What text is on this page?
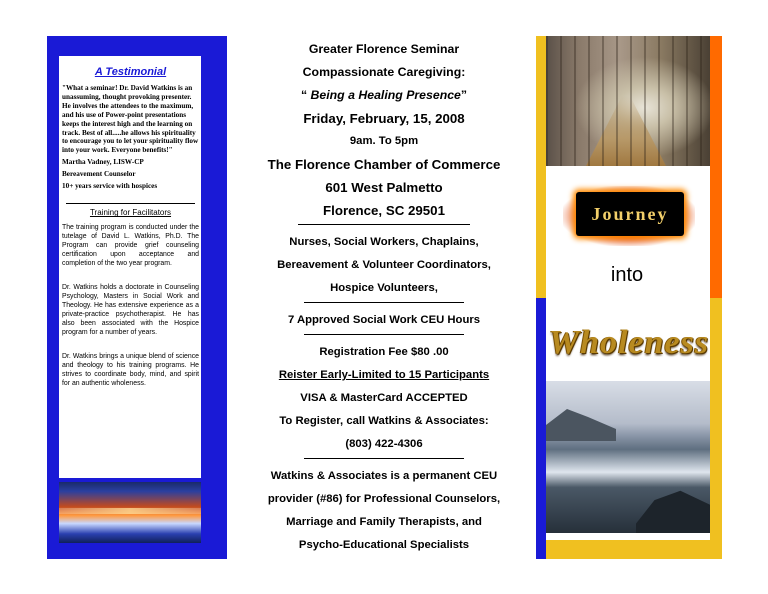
A Testimonial
"What a seminar! Dr. David Watkins is an unassuming, thought provoking presenter. He involves the attendees to the maximum, and his use of Power-point presentations keeps the interest high and the learning on track. Best of all.....he allows his spirituality to encourage you to let your spirituality flow into your work. Everyone benefits!"
Martha Vadney, LISW-CP
Bereavement Counselor
10+ years service with hospices
Training for Facilitators
The training program is conducted under the tutelage of David L. Watkins, Ph.D. The Program can provide grief counseling certification upon acceptance and completion of the two year program.
Dr. Watkins holds a doctorate in Counseling Psychology, Masters in Social Work and Theology. He has extensive experience as a private-practice psychotherapist. He has also been associated with the Hospice program for a number of years.
Dr. Watkins brings a unique blend of science and theology to his training programs. He strives to coordinate body, mind, and spirit for an authentic wholeness.
Greater Florence Seminar
Compassionate Caregiving:
“ Being a Healing Presence”
Friday, February, 15, 2008
9am. To 5pm
The Florence Chamber of Commerce
601 West Palmetto
Florence, SC 29501
Nurses, Social Workers, Chaplains,
Bereavement & Volunteer Coordinators,
Hospice Volunteers,
7 Approved Social Work CEU Hours
Registration Fee $80 .00
Reister Early-Limited to 15 Participants
VISA & MasterCard ACCEPTED
To Register, call Watkins & Associates:
(803) 422-4306
Watkins & Associates is a permanent CEU
provider (#86) for Professional Counselors,
Marriage and Family Therapists, and
Psycho-Educational Specialists
Journey
into
Wholeness
